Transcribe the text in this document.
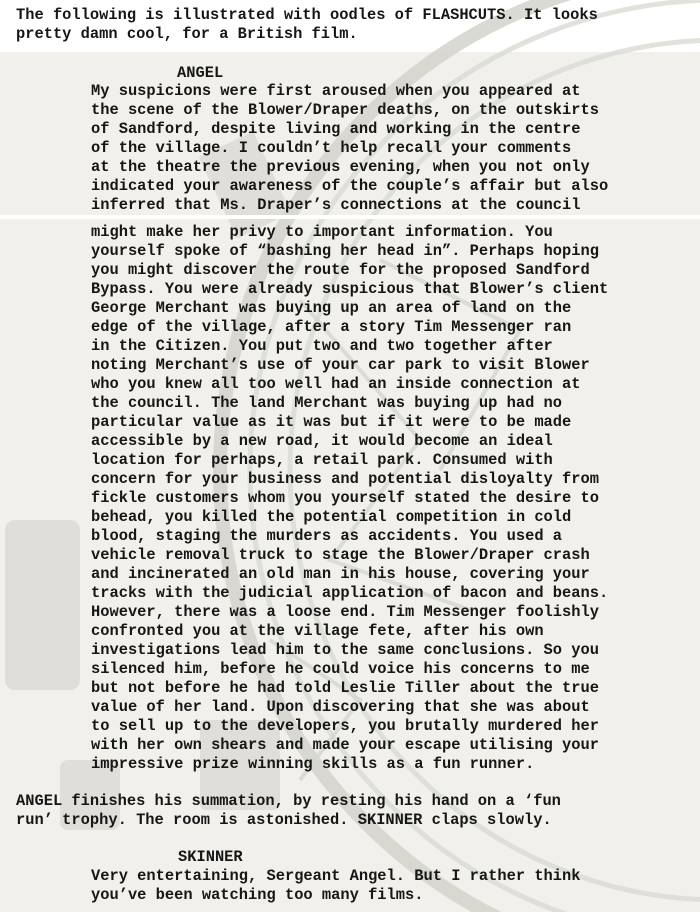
The following is illustrated with oodles of FLASHCUTS. It looks
pretty damn cool, for a British film.
ANGEL
My suspicions were first aroused when you appeared at
the scene of the Blower/Draper deaths, on the outskirts
of Sandford, despite living and working in the centre
of the village. I couldn’t help recall your comments
at the theatre the previous evening, when you not only
indicated your awareness of the couple’s affair but also
inferred that Ms. Draper’s connections at the council
might make her privy to important information. You
yourself spoke of “bashing her head in”. Perhaps hoping
you might discover the route for the proposed Sandford
Bypass. You were already suspicious that Blower’s client
George Merchant was buying up an area of land on the
edge of the village, after a story Tim Messenger ran
in the Citizen. You put two and two together after
noting Merchant’s use of your car park to visit Blower
who you knew all too well had an inside connection at
the council. The land Merchant was buying up had no
particular value as it was but if it were to be made
accessible by a new road, it would become an ideal
location for perhaps, a retail park. Consumed with
concern for your business and potential disloyalty from
fickle customers whom you yourself stated the desire to
behead, you killed the potential competition in cold
blood, staging the murders as accidents. You used a
vehicle removal truck to stage the Blower/Draper crash
and incinerated an old man in his house, covering your
tracks with the judicial application of bacon and beans.
However, there was a loose end. Tim Messenger foolishly
confronted you at the village fete, after his own
investigations lead him to the same conclusions. So you
silenced him, before he could voice his concerns to me
but not before he had told Leslie Tiller about the true
value of her land. Upon discovering that she was about
to sell up to the developers, you brutally murdered her
with her own shears and made your escape utilising your
impressive prize winning skills as a fun runner.
ANGEL finishes his summation, by resting his hand on a ‘fun
run’ trophy. The room is astonished. SKINNER claps slowly.
SKINNER
Very entertaining, Sergeant Angel. But I rather think
you’ve been watching too many films.
